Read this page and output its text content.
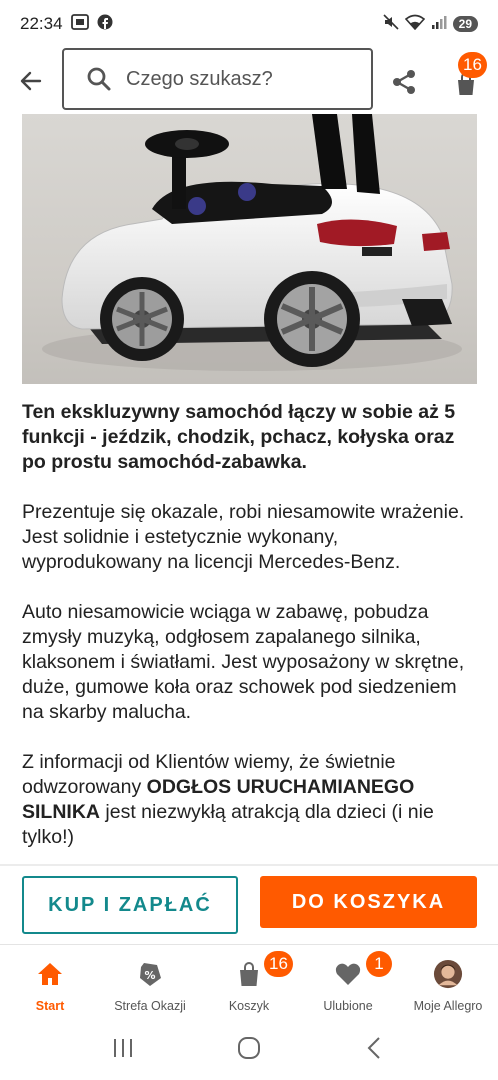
22:34	29
Czego szukasz?
16

Ten ekskluzywny samochód łączy w sobie aż 5 funkcji - jeździk, chodzik, pchacz, kołyska oraz po prostu samochód-zabawka.

Prezentuje się okazale, robi niesamowite wrażenie. Jest solidnie i estetycznie wykonany, wyprodukowany na licencji Mercedes-Benz.

Auto niesamowicie wciąga w zabawę, pobudza zmysły muzyką, odgłosem zapalanego silnika, klaksonem i światłami. Jest wyposażony w skrętne, duże, gumowe koła oraz schowek pod siedzeniem na skarby malucha.

Z informacji od Klientów wiemy, że świetnie odwzorowany ODGŁOS URUCHAMIANEGO SILNIKA jest niezwykłą atrakcją dla dzieci (i nie tylko!)

KUP I ZAPŁAĆ	DO KOSZYKA
Start
%
Strefa Okazji	Koszyk
16
Ulubione
1
Moje Allegro
